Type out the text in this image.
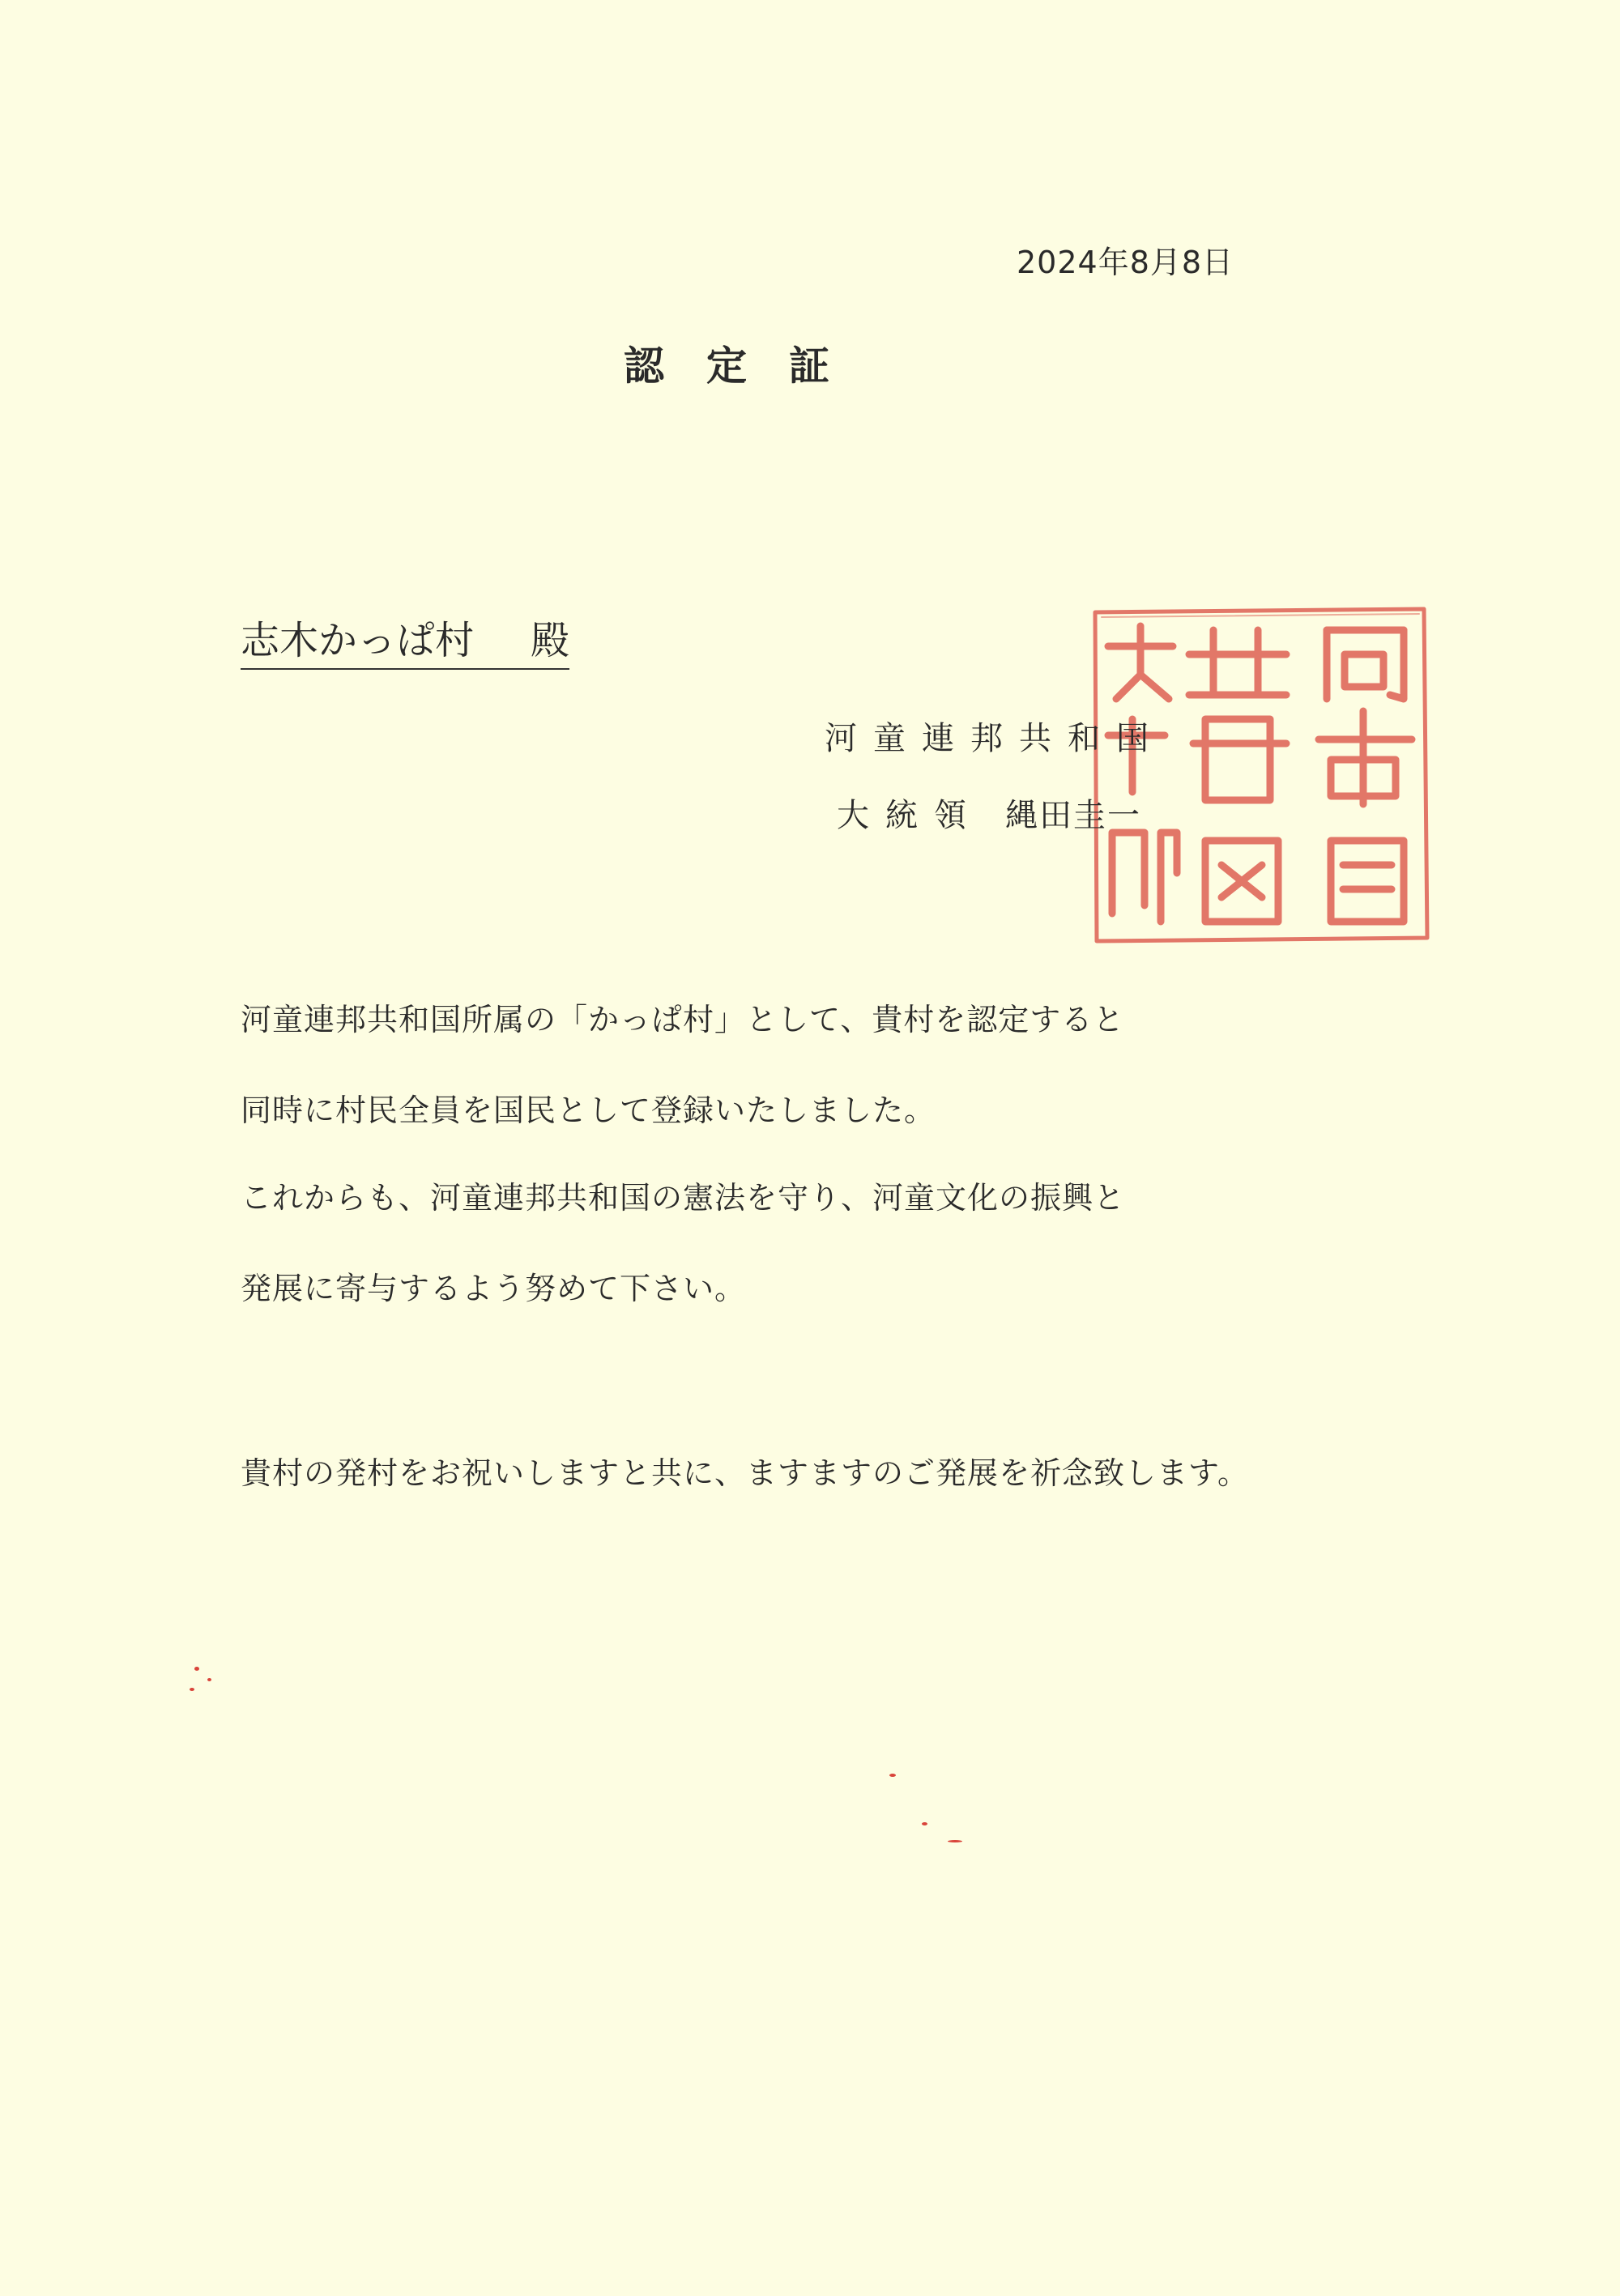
2024年8月8日
認定証
志木かっぱ村 殿
河童連邦共和国
大統領 縄田圭一
河童連邦共和国所属の「かっぱ村」として、貴村を認定すると
同時に村民全員を国民として登録いたしました。
これからも、河童連邦共和国の憲法を守り、河童文化の振興と
発展に寄与するよう努めて下さい。
貴村の発村をお祝いしますと共に、ますますのご発展を祈念致します。
